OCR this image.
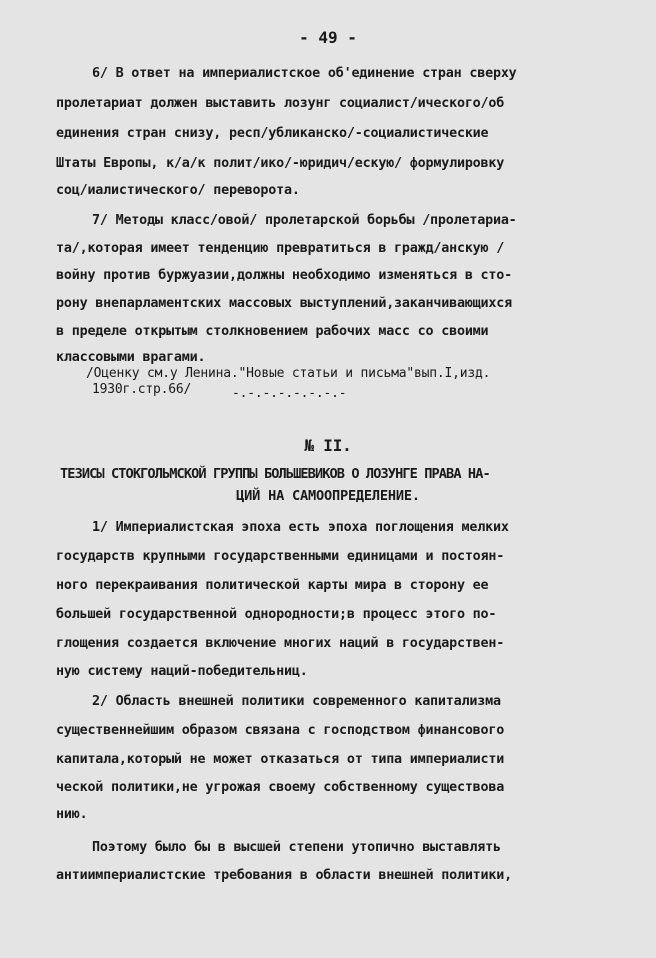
- 49 -
6/ В ответ на империалистское об'единение стран сверху
пролетариат должен выставить лозунг социалист/ического/об
единения стран снизу, респ/убликанско/-социалистические
Штаты Европы, к/а/к полит/ико/-юридич/ескую/ формулировку
соц/иалистического/ переворота.
7/ Методы класс/овой/ пролетарской борьбы /пролетариа-
та/,которая имеет тенденцию превратиться в гражд/анскую /
войну против буржуазии,должны необходимо изменяться в сто-
рону внепарламентских массовых выступлений,заканчивающихся
в пределе открытым столкновением рабочих масс со своими
классовыми врагами.
/Оценку см.у Ленина."Новые статьи и письма"вып.I,изд.
1930г.стр.66/	-.-.-.-.-.-.-.-
№ II.
ТЕЗИСЫ СТОКГОЛЬМСКОЙ ГРУППЫ БОЛЬШЕВИКОВ О ЛОЗУНГЕ ПРАВА НА-
ЦИЙ НА САМООПРЕДЕЛЕНИЕ.
1/ Империалистская эпоха есть эпоха поглощения мелких
государств крупными государственными единицами и постоян-
ного перекраивания политической карты мира в сторону ее
большей государственной однородности;в процесс этого по-
глощения создается включение многих наций в государствен-
ную систему наций-победительниц.
2/ Область внешней политики современного капитализма
существеннейшим образом связана с господством финансового
капитала,который не может отказаться от типа империалисти
ческой политики,не угрожая своему собственному существова
нию.
Поэтому было бы в высшей степени утопично выставлять
антиимпериалистские требования в области внешней политики,
